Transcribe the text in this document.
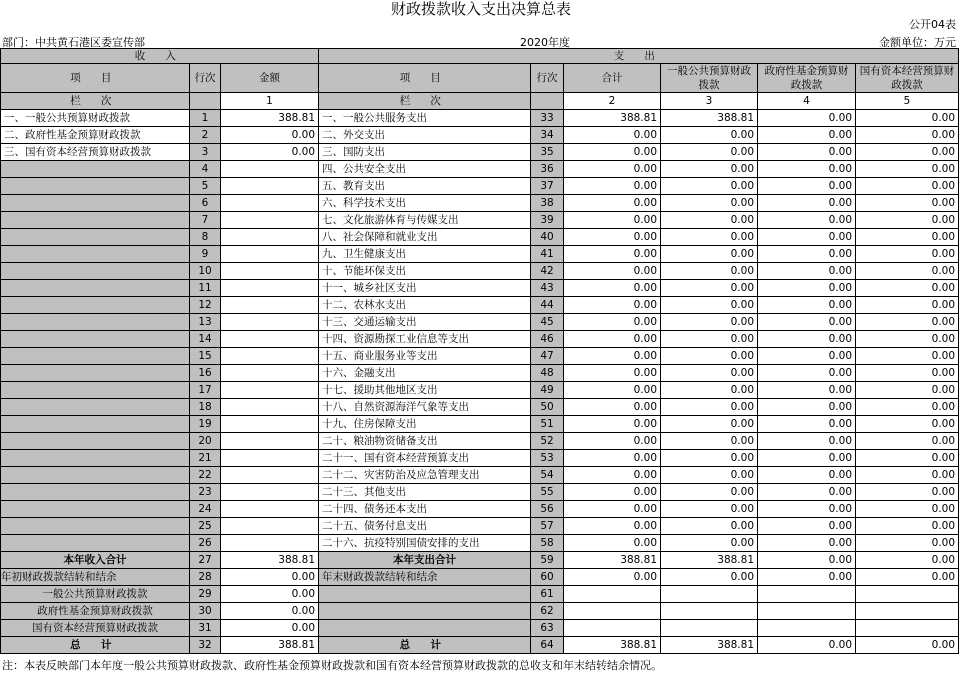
财政拨款收入支出决算总表
公开04表
部门：中共黄石港区委宣传部	2020年度	金额单位：万元
收 入			支 出					
项 目	行次	金额	项 目	行次	合计	一般公共预算财政拨款	政府性基金预算财政拨款	国有资本经营预算财政拨款
栏 次		1	栏 次		2	3	4	5
一、一般公共预算财政拨款	1	388.81	一、一般公共服务支出	33	388.81	388.81	0.00	0.00
二、政府性基金预算财政拨款	2	0.00	二、外交支出	34	0.00	0.00	0.00	0.00
三、国有资本经营预算财政拨款	3	0.00	三、国防支出	35	0.00	0.00	0.00	0.00
	4		四、公共安全支出	36	0.00	0.00	0.00	0.00
	5		五、教育支出	37	0.00	0.00	0.00	0.00
	6		六、科学技术支出	38	0.00	0.00	0.00	0.00
	7		七、文化旅游体育与传媒支出	39	0.00	0.00	0.00	0.00
	8		八、社会保障和就业支出	40	0.00	0.00	0.00	0.00
	9		九、卫生健康支出	41	0.00	0.00	0.00	0.00
	10		十、节能环保支出	42	0.00	0.00	0.00	0.00
	11		十一、城乡社区支出	43	0.00	0.00	0.00	0.00
	12		十二、农林水支出	44	0.00	0.00	0.00	0.00
	13		十三、交通运输支出	45	0.00	0.00	0.00	0.00
	14		十四、资源勘探工业信息等支出	46	0.00	0.00	0.00	0.00
	15		十五、商业服务业等支出	47	0.00	0.00	0.00	0.00
	16		十六、金融支出	48	0.00	0.00	0.00	0.00
	17		十七、援助其他地区支出	49	0.00	0.00	0.00	0.00
	18		十八、自然资源海洋气象等支出	50	0.00	0.00	0.00	0.00
	19		十九、住房保障支出	51	0.00	0.00	0.00	0.00
	20		二十、粮油物资储备支出	52	0.00	0.00	0.00	0.00
	21		二十一、国有资本经营预算支出	53	0.00	0.00	0.00	0.00
	22		二十二、灾害防治及应急管理支出	54	0.00	0.00	0.00	0.00
	23		二十三、其他支出	55	0.00	0.00	0.00	0.00
	24		二十四、债务还本支出	56	0.00	0.00	0.00	0.00
	25		二十五、债务付息支出	57	0.00	0.00	0.00	0.00
	26		二十六、抗疫特别国债安排的支出	58	0.00	0.00	0.00	0.00
本年收入合计	27	388.81	本年支出合计	59	388.81	388.81	0.00	0.00
年初财政拨款结转和结余	28	0.00	年末财政拨款结转和结余	60	0.00	0.00	0.00	0.00
一般公共预算财政拨款	29	0.00		61				
政府性基金预算财政拨款	30	0.00		62				
国有资本经营预算财政拨款	31	0.00		63				
总 计	32	388.81	总 计	64	388.81	388.81	0.00	0.00
注：本表反映部门本年度一般公共预算财政拨款、政府性基金预算财政拨款和国有资本经营预算财政拨款的总收支和年末结转结余情况。
